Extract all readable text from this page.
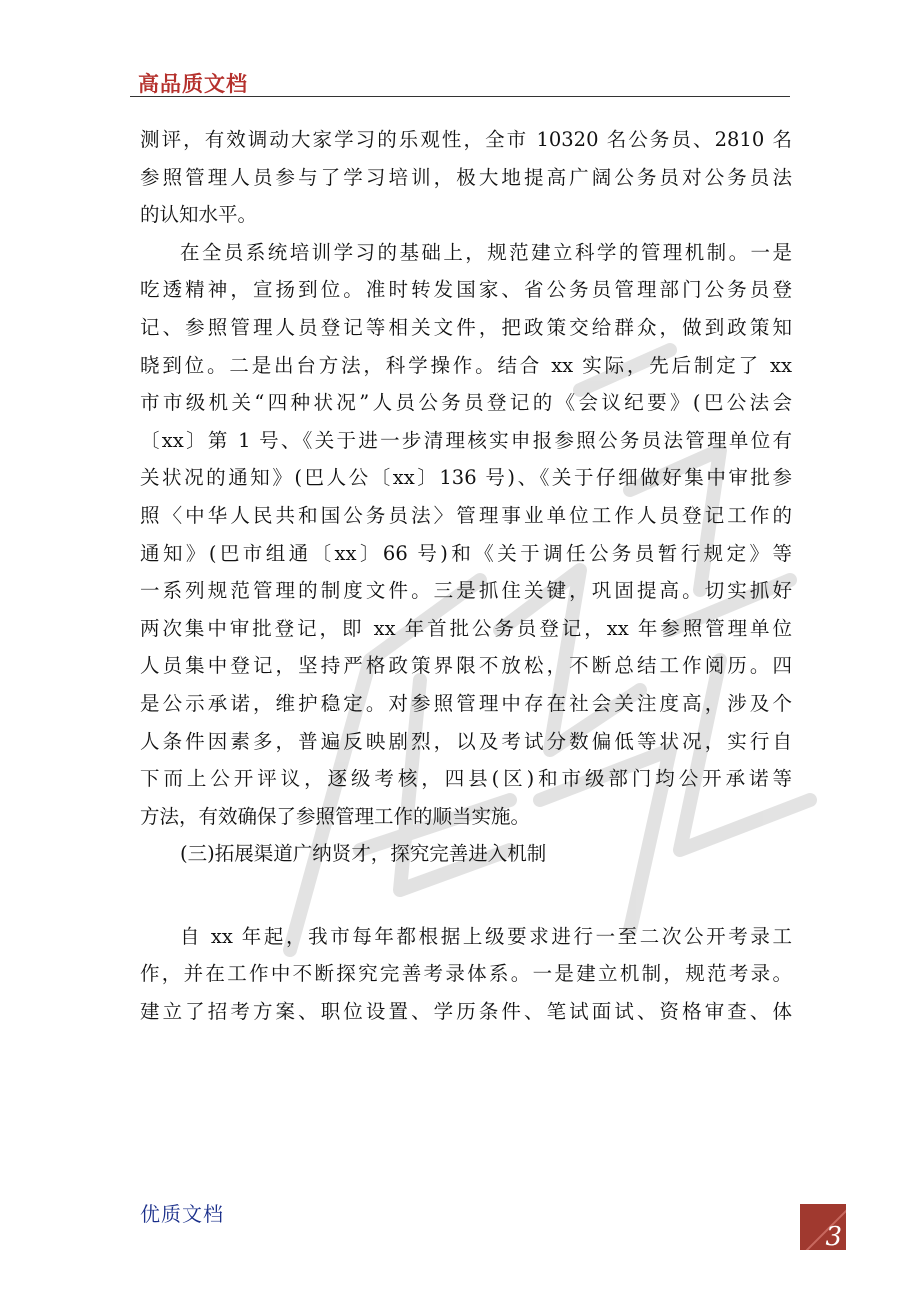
高品质文档
测评，有效调动大家学习的乐观性，全市 10320 名公务员、2810 名
参照管理人员参与了学习培训，极大地提高广阔公务员对公务员法
的认知水平。
在全员系统培训学习的基础上，规范建立科学的管理机制。一是
吃透精神，宣扬到位。准时转发国家、省公务员管理部门公务员登
记、参照管理人员登记等相关文件，把政策交给群众，做到政策知
晓到位。二是出台方法，科学操作。结合 xx 实际，先后制定了 xx
市市级机关“四种状况”人员公务员登记的《会议纪要》(巴公法会
〔xx〕第 1 号、《关于进一步清理核实申报参照公务员法管理单位有
关状况的通知》(巴人公〔xx〕136 号)、《关于仔细做好集中审批参
照〈中华人民共和国公务员法〉管理事业单位工作人员登记工作的
通知》(巴市组通〔xx〕66 号)和《关于调任公务员暂行规定》等
一系列规范管理的制度文件。三是抓住关键，巩固提高。切实抓好
两次集中审批登记，即 xx 年首批公务员登记，xx 年参照管理单位
人员集中登记，坚持严格政策界限不放松，不断总结工作阅历。四
是公示承诺，维护稳定。对参照管理中存在社会关注度高，涉及个
人条件因素多，普遍反映剧烈，以及考试分数偏低等状况，实行自
下而上公开评议，逐级考核，四县(区)和市级部门均公开承诺等
方法，有效确保了参照管理工作的顺当实施。
(三)拓展渠道广纳贤才，探究完善进入机制
自 xx 年起，我市每年都根据上级要求进行一至二次公开考录工
作，并在工作中不断探究完善考录体系。一是建立机制，规范考录。
建立了招考方案、职位设置、学历条件、笔试面试、资格审查、体
优质文档
3
